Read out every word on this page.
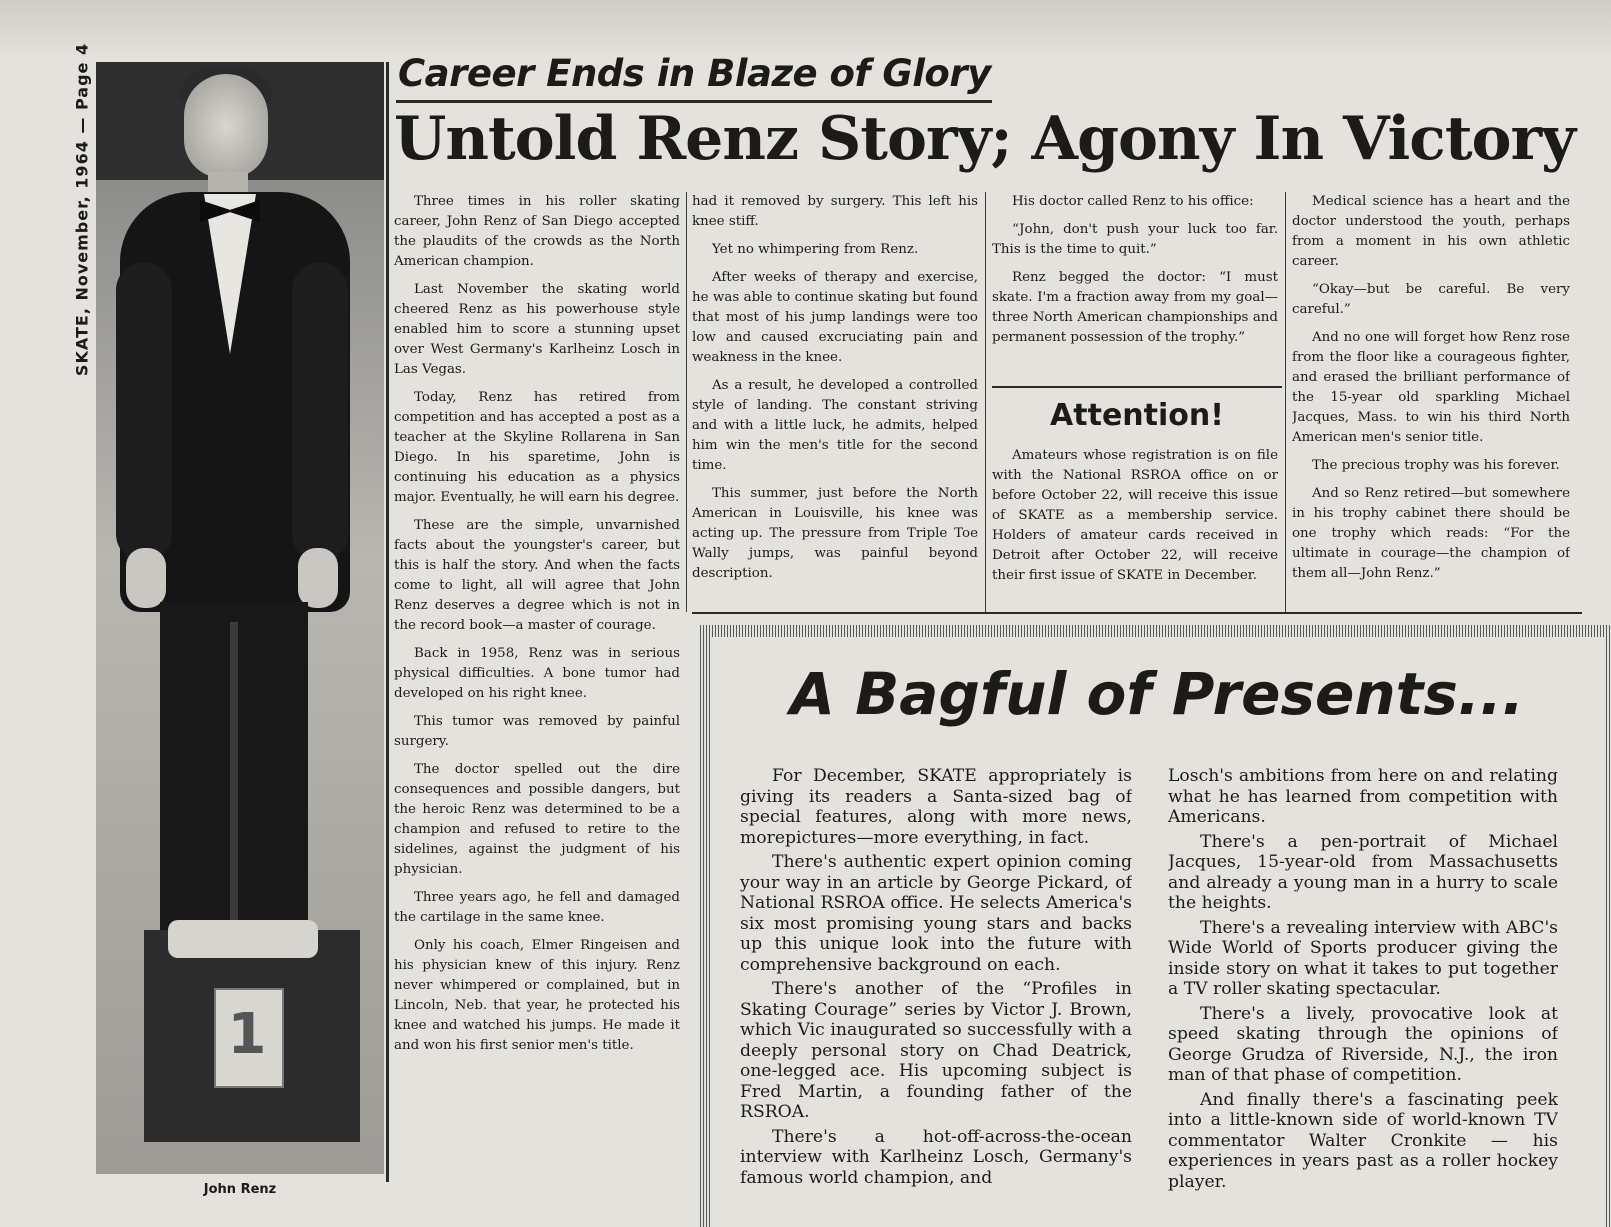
SKATE, November, 1964 — Page 4
1
John Renz
Career Ends in Blaze of Glory
Untold Renz Story; Agony In Victory

Three times in his roller skating career, John Renz of San Diego accepted the plaudits of the crowds as the North American champion.

Last November the skating world cheered Renz as his powerhouse style enabled him to score a stunning upset over West Germany's Karlheinz Losch in Las Vegas.

Today, Renz has retired from competition and has accepted a post as a teacher at the Skyline Rollarena in San Diego. In his sparetime, John is continuing his education as a physics major. Eventually, he will earn his degree.

These are the simple, unvarnished facts about the youngster's career, but this is half the story. And when the facts come to light, all will agree that John Renz deserves a degree which is not in the record book—a master of courage.

Back in 1958, Renz was in serious physical difficulties. A bone tumor had developed on his right knee.

This tumor was removed by painful surgery.

The doctor spelled out the dire consequences and possible dangers, but the heroic Renz was determined to be a champion and refused to retire to the sidelines, against the judgment of his physician.

Three years ago, he fell and damaged the cartilage in the same knee.

Only his coach, Elmer Ringeisen and his physician knew of this injury. Renz never whimpered or complained, but in Lincoln, Neb. that year, he protected his knee and watched his jumps. He made it and won his first senior men's title.

had it removed by surgery. This left his knee stiff.

Yet no whimpering from Renz.

After weeks of therapy and exercise, he was able to continue skating but found that most of his jump landings were too low and caused excruciating pain and weakness in the knee.

As a result, he developed a controlled style of landing. The constant striving and with a little luck, he admits, helped him win the men's title for the second time.

This summer, just before the North American in Louisville, his knee was acting up. The pressure from Triple Toe Wally jumps, was painful beyond description.

His doctor called Renz to his office:

“John, don't push your luck too far. This is the time to quit.”

Renz begged the doctor: “I must skate. I'm a fraction away from my goal—three North American championships and permanent possession of the trophy.”

Attention!
Amateurs whose registration is on file with the National RSROA office on or before October 22, will receive this issue of SKATE as a membership service. Holders of amateur cards received in Detroit after October 22, will receive their first issue of SKATE in December.

Medical science has a heart and the doctor understood the youth, perhaps from a moment in his own athletic career.

“Okay—but be careful. Be very careful.”

And no one will forget how Renz rose from the floor like a courageous fighter, and erased the brilliant performance of the 15-year old sparkling Michael Jacques, Mass. to win his third North American men's senior title.

The precious trophy was his forever.

And so Renz retired—but somewhere in his trophy cabinet there should be one trophy which reads: “For the ultimate in courage—the champion of them all—John Renz.”

A Bagful of Presents...

For December, SKATE appropriately is giving its readers a Santa-sized bag of special features, along with more news, morepictures—more everything, in fact.

There's authentic expert opinion coming your way in an article by George Pickard, of National RSROA office. He selects America's six most promising young stars and backs up this unique look into the future with comprehensive background on each.

There's another of the “Profiles in Skating Courage” series by Victor J. Brown, which Vic inaugurated so successfully with a deeply personal story on Chad Deatrick, one-legged ace. His upcoming subject is Fred Martin, a founding father of the RSROA.

There's a hot-off-across-the-ocean interview with Karlheinz Losch, Germany's famous world champion, and

Losch's ambitions from here on and relating what he has learned from competition with Americans.

There's a pen-portrait of Michael Jacques, 15-year-old from Massachusetts and already a young man in a hurry to scale the heights.

There's a revealing interview with ABC's Wide World of Sports producer giving the inside story on what it takes to put together a TV roller skating spectacular.

There's a lively, provocative look at speed skating through the opinions of George Grudza of Riverside, N.J., the iron man of that phase of competition.

And finally there's a fascinating peek into a little-known side of world-known TV commentator Walter Cronkite — his experiences in years past as a roller hockey player.
